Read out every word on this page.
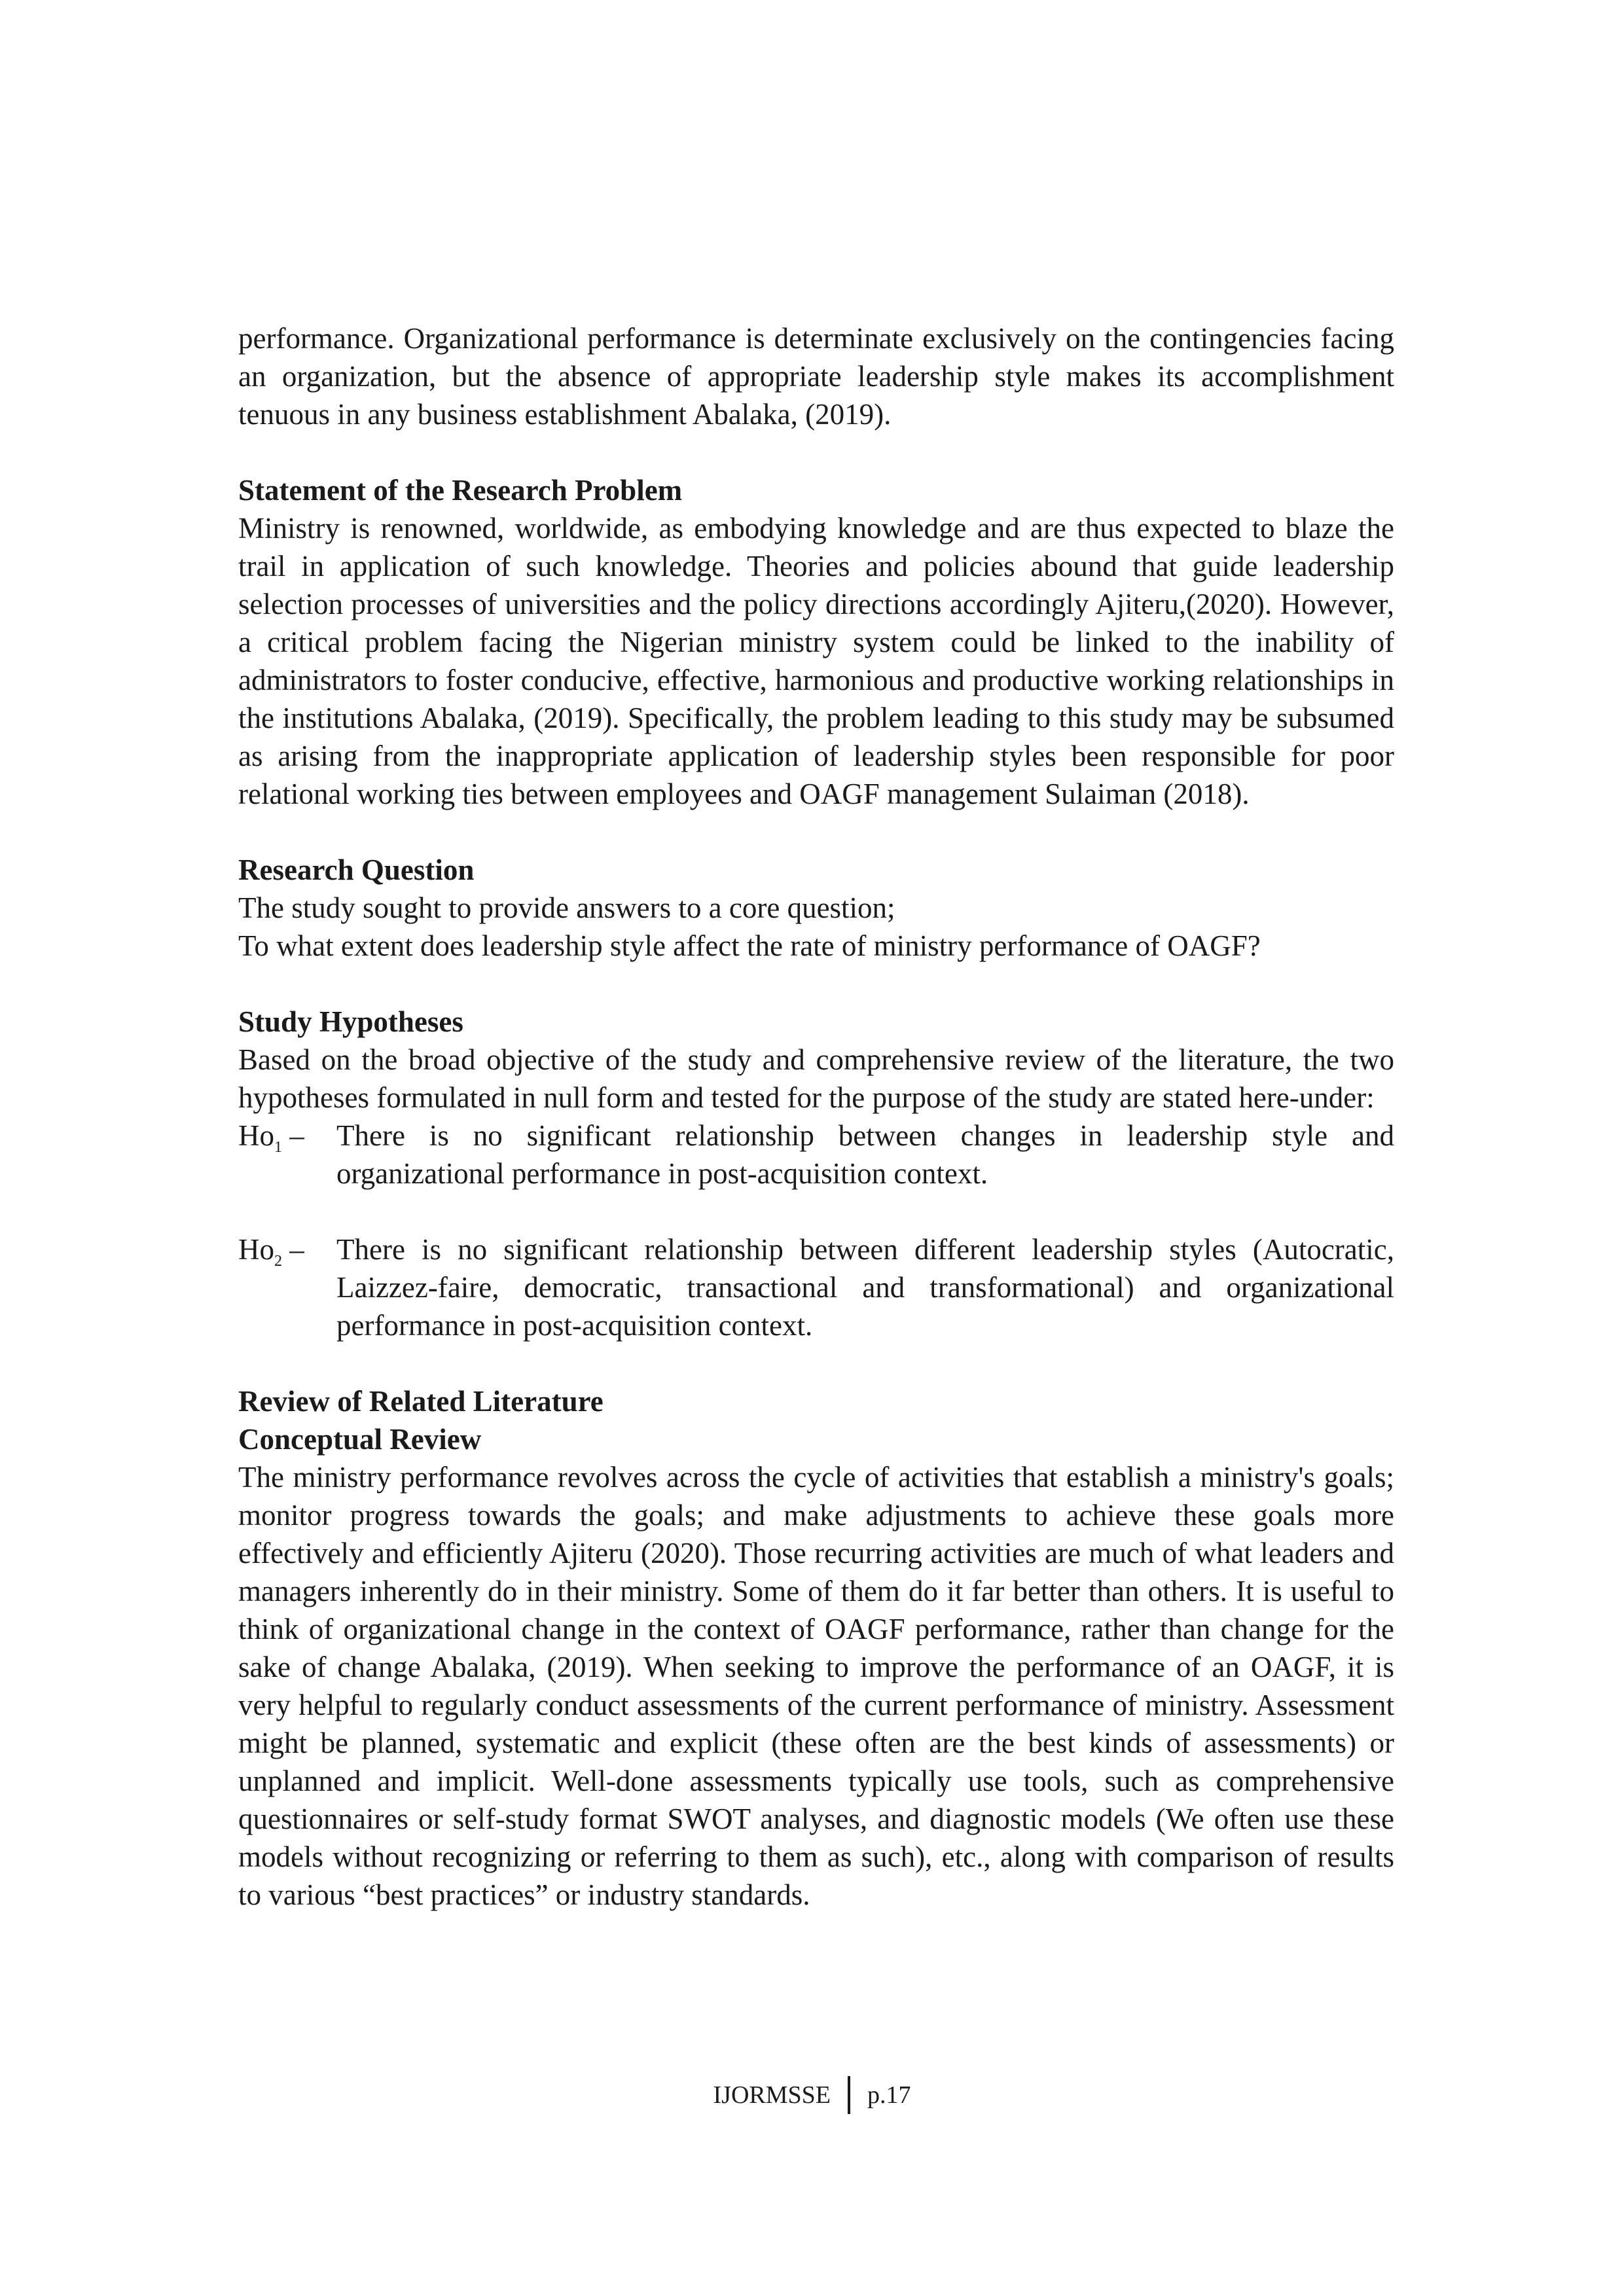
performance. Organizational performance is determinate exclusively on the contingencies facing an organization, but the absence of appropriate leadership style makes its accomplishment tenuous in any business establishment Abalaka, (2019).

Statement of the Research Problem

Ministry is renowned, worldwide, as embodying knowledge and are thus expected to blaze the trail in application of such knowledge. Theories and policies abound that guide leadership selection processes of universities and the policy directions accordingly Ajiteru,(2020). However, a critical problem facing the Nigerian ministry system could be linked to the inability of administrators to foster conducive, effective, harmonious and productive working relationships in the institutions Abalaka, (2019). Specifically, the problem leading to this study may be subsumed as arising from the inappropriate application of leadership styles been responsible for poor relational working ties between employees and OAGF management Sulaiman (2018).

Research Question

The study sought to provide answers to a core question;

To what extent does leadership style affect the rate of ministry performance of OAGF?

Study Hypotheses

Based on the broad objective of the study and comprehensive review of the literature, the two hypotheses formulated in null form and tested for the purpose of the study are stated here-under:

$Ho_1$ –	There is no significant relationship between changes in leadership style and organizational performance in post-acquisition context.
$Ho_2$ –	There is no significant relationship between different leadership styles (Autocratic, Laizzez-faire, democratic, transactional and transformational) and organizational performance in post-acquisition context.
Review of Related Literature
Conceptual Review

The ministry performance revolves across the cycle of activities that establish a ministry's goals; monitor progress towards the goals; and make adjustments to achieve these goals more effectively and efficiently Ajiteru (2020). Those recurring activities are much of what leaders and managers inherently do in their ministry. Some of them do it far better than others. It is useful to think of organizational change in the context of OAGF performance, rather than change for the sake of change Abalaka, (2019). When seeking to improve the performance of an OAGF, it is very helpful to regularly conduct assessments of the current performance of ministry. Assessment might be planned, systematic and explicit (these often are the best kinds of assessments) or unplanned and implicit. Well-done assessments typically use tools, such as comprehensive questionnaires or self-study format SWOT analyses, and diagnostic models (We often use these models without recognizing or referring to them as such), etc., along with comparison of results to various “best practices” or industry standards.

IJORMSSE p.17
